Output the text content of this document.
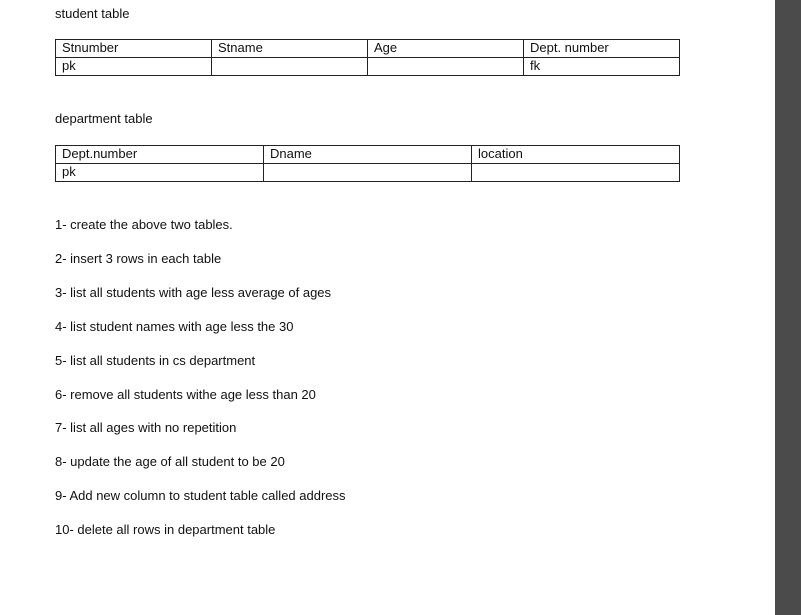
student table
Stnumber	Stname	Age	Dept. number
pk			fk
department table
Dept.number	Dname	location
pk		
1- create the above two tables.
2- insert 3 rows in each table
3- list all students with age less average of ages
4- list student names with age less the 30
5- list all students in cs department
6- remove all students withe age less than 20
7- list all ages with no repetition
8- update the age of all student to be 20
9- Add new column to student table called address
10- delete all rows in department table
